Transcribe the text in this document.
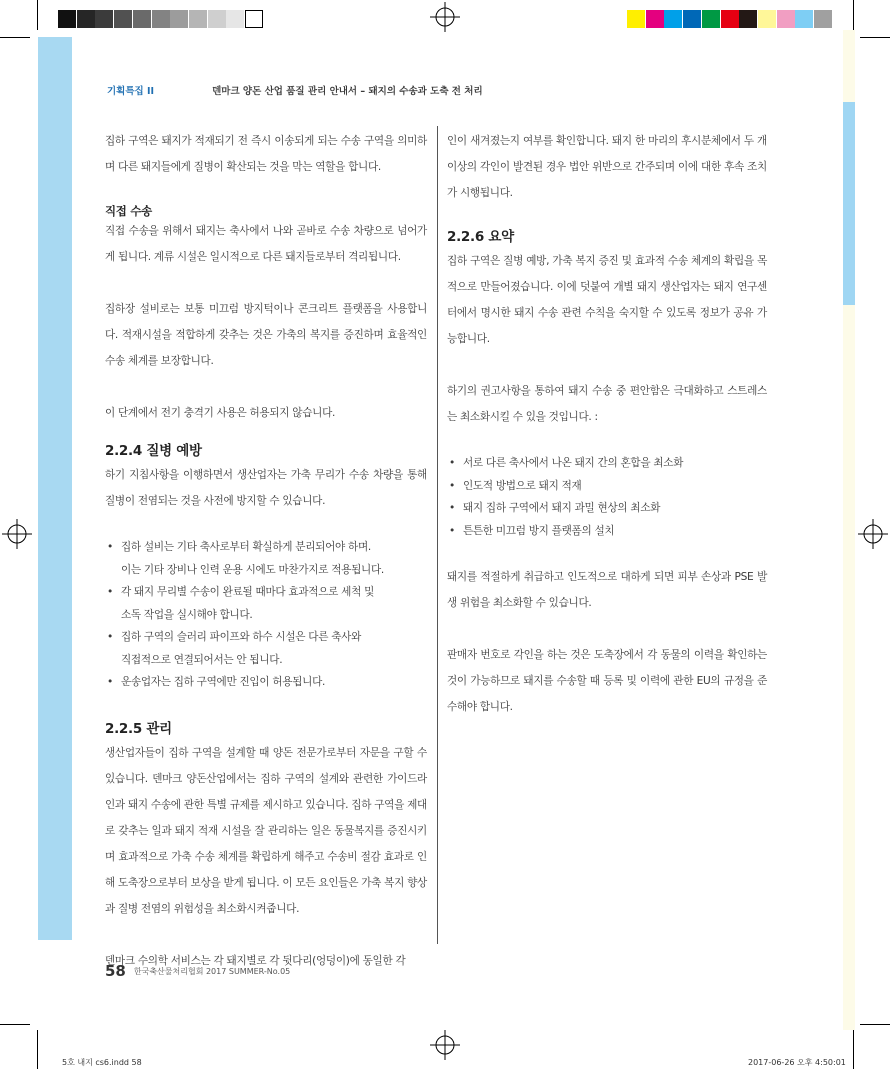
기획특집 II	덴마크 양돈 산업 품질 관리 안내서 – 돼지의 수송과 도축 전 처리

집하 구역은 돼지가 적재되기 전 즉시 이송되게 되는 수송 구역을 의미하며 다른 돼지들에게 질병이 확산되는 것을 막는 역할을 합니다.

직접 수송

직접 수송을 위해서 돼지는 축사에서 나와 곧바로 수송 차량으로 넘어가게 됩니다. 계류 시설은 일시적으로 다른 돼지들로부터 격리됩니다.

집하장 설비로는 보통 미끄럼 방지턱이나 콘크리트 플랫폼을 사용합니다. 적재시설을 적합하게 갖추는 것은 가축의 복지를 증진하며 효율적인 수송 체계를 보장합니다.

이 단계에서 전기 충격기 사용은 허용되지 않습니다.

2.2.4 질병 예방

하기 지침사항을 이행하면서 생산업자는 가축 무리가 수송 차량을 통해 질병이 전염되는 것을 사전에 방지할 수 있습니다.

• 집하 설비는 기타 축사로부터 확실하게 분리되어야 하며.
이는 기타 장비나 인력 운용 시에도 마찬가지로 적용됩니다.
• 각 돼지 무리별 수송이 완료될 때마다 효과적으로 세척 및
소독 작업을 실시해야 합니다.
• 집하 구역의 슬러리 파이프와 하수 시설은 다른 축사와
직접적으로 연결되어서는 안 됩니다.
• 운송업자는 집하 구역에만 진입이 허용됩니다.
2.2.5 관리

생산업자들이 집하 구역을 설계할 때 양돈 전문가로부터 자문을 구할 수 있습니다. 덴마크 양돈산업에서는 집하 구역의 설계와 관련한 가이드라인과 돼지 수송에 관한 특별 규제를 제시하고 있습니다. 집하 구역을 제대로 갖추는 일과 돼지 적재 시설을 잘 관리하는 일은 동물복지를 증진시키며 효과적으로 가축 수송 체계를 확립하게 해주고 수송비 절감 효과로 인해 도축장으로부터 보상을 받게 됩니다. 이 모든 요인들은 가축 복지 향상과 질병 전염의 위험성을 최소화시켜줍니다.

덴마크 수의학 서비스는 각 돼지별로 각 뒷다리(엉덩이)에 동일한 각

인이 새겨졌는지 여부를 확인합니다. 돼지 한 마리의 후시분체에서 두 개 이상의 각인이 발견된 경우 법안 위반으로 간주되며 이에 대한 후속 조치가 시행됩니다.

2.2.6 요약

집하 구역은 질병 예방, 가축 복지 증진 및 효과적 수송 체계의 확립을 목적으로 만들어졌습니다. 이에 덧붙여 개별 돼지 생산업자는 돼지 연구센터에서 명시한 돼지 수송 관련 수칙을 숙지할 수 있도록 정보가 공유 가능합니다.

하기의 권고사항을 통하여 돼지 수송 중 편안함은 극대화하고 스트레스는 최소화시킬 수 있을 것입니다. :

• 서로 다른 축사에서 나온 돼지 간의 혼합을 최소화
• 인도적 방법으로 돼지 적재
• 돼지 집하 구역에서 돼지 과밀 현상의 최소화
• 튼튼한 미끄럼 방지 플랫폼의 설치

돼지를 적절하게 취급하고 인도적으로 대하게 되면 피부 손상과 PSE 발생 위험을 최소화할 수 있습니다.

판매자 번호로 각인을 하는 것은 도축장에서 각 동물의 이력을 확인하는 것이 가능하므로 돼지를 수송할 때 등록 및 이력에 관한 EU의 규정을 준수해야 합니다.

58 한국축산물처리협회 2017 SUMMER-No.05
5호 내지 cs6.indd 58	2017-06-26 오후 4:50:01
